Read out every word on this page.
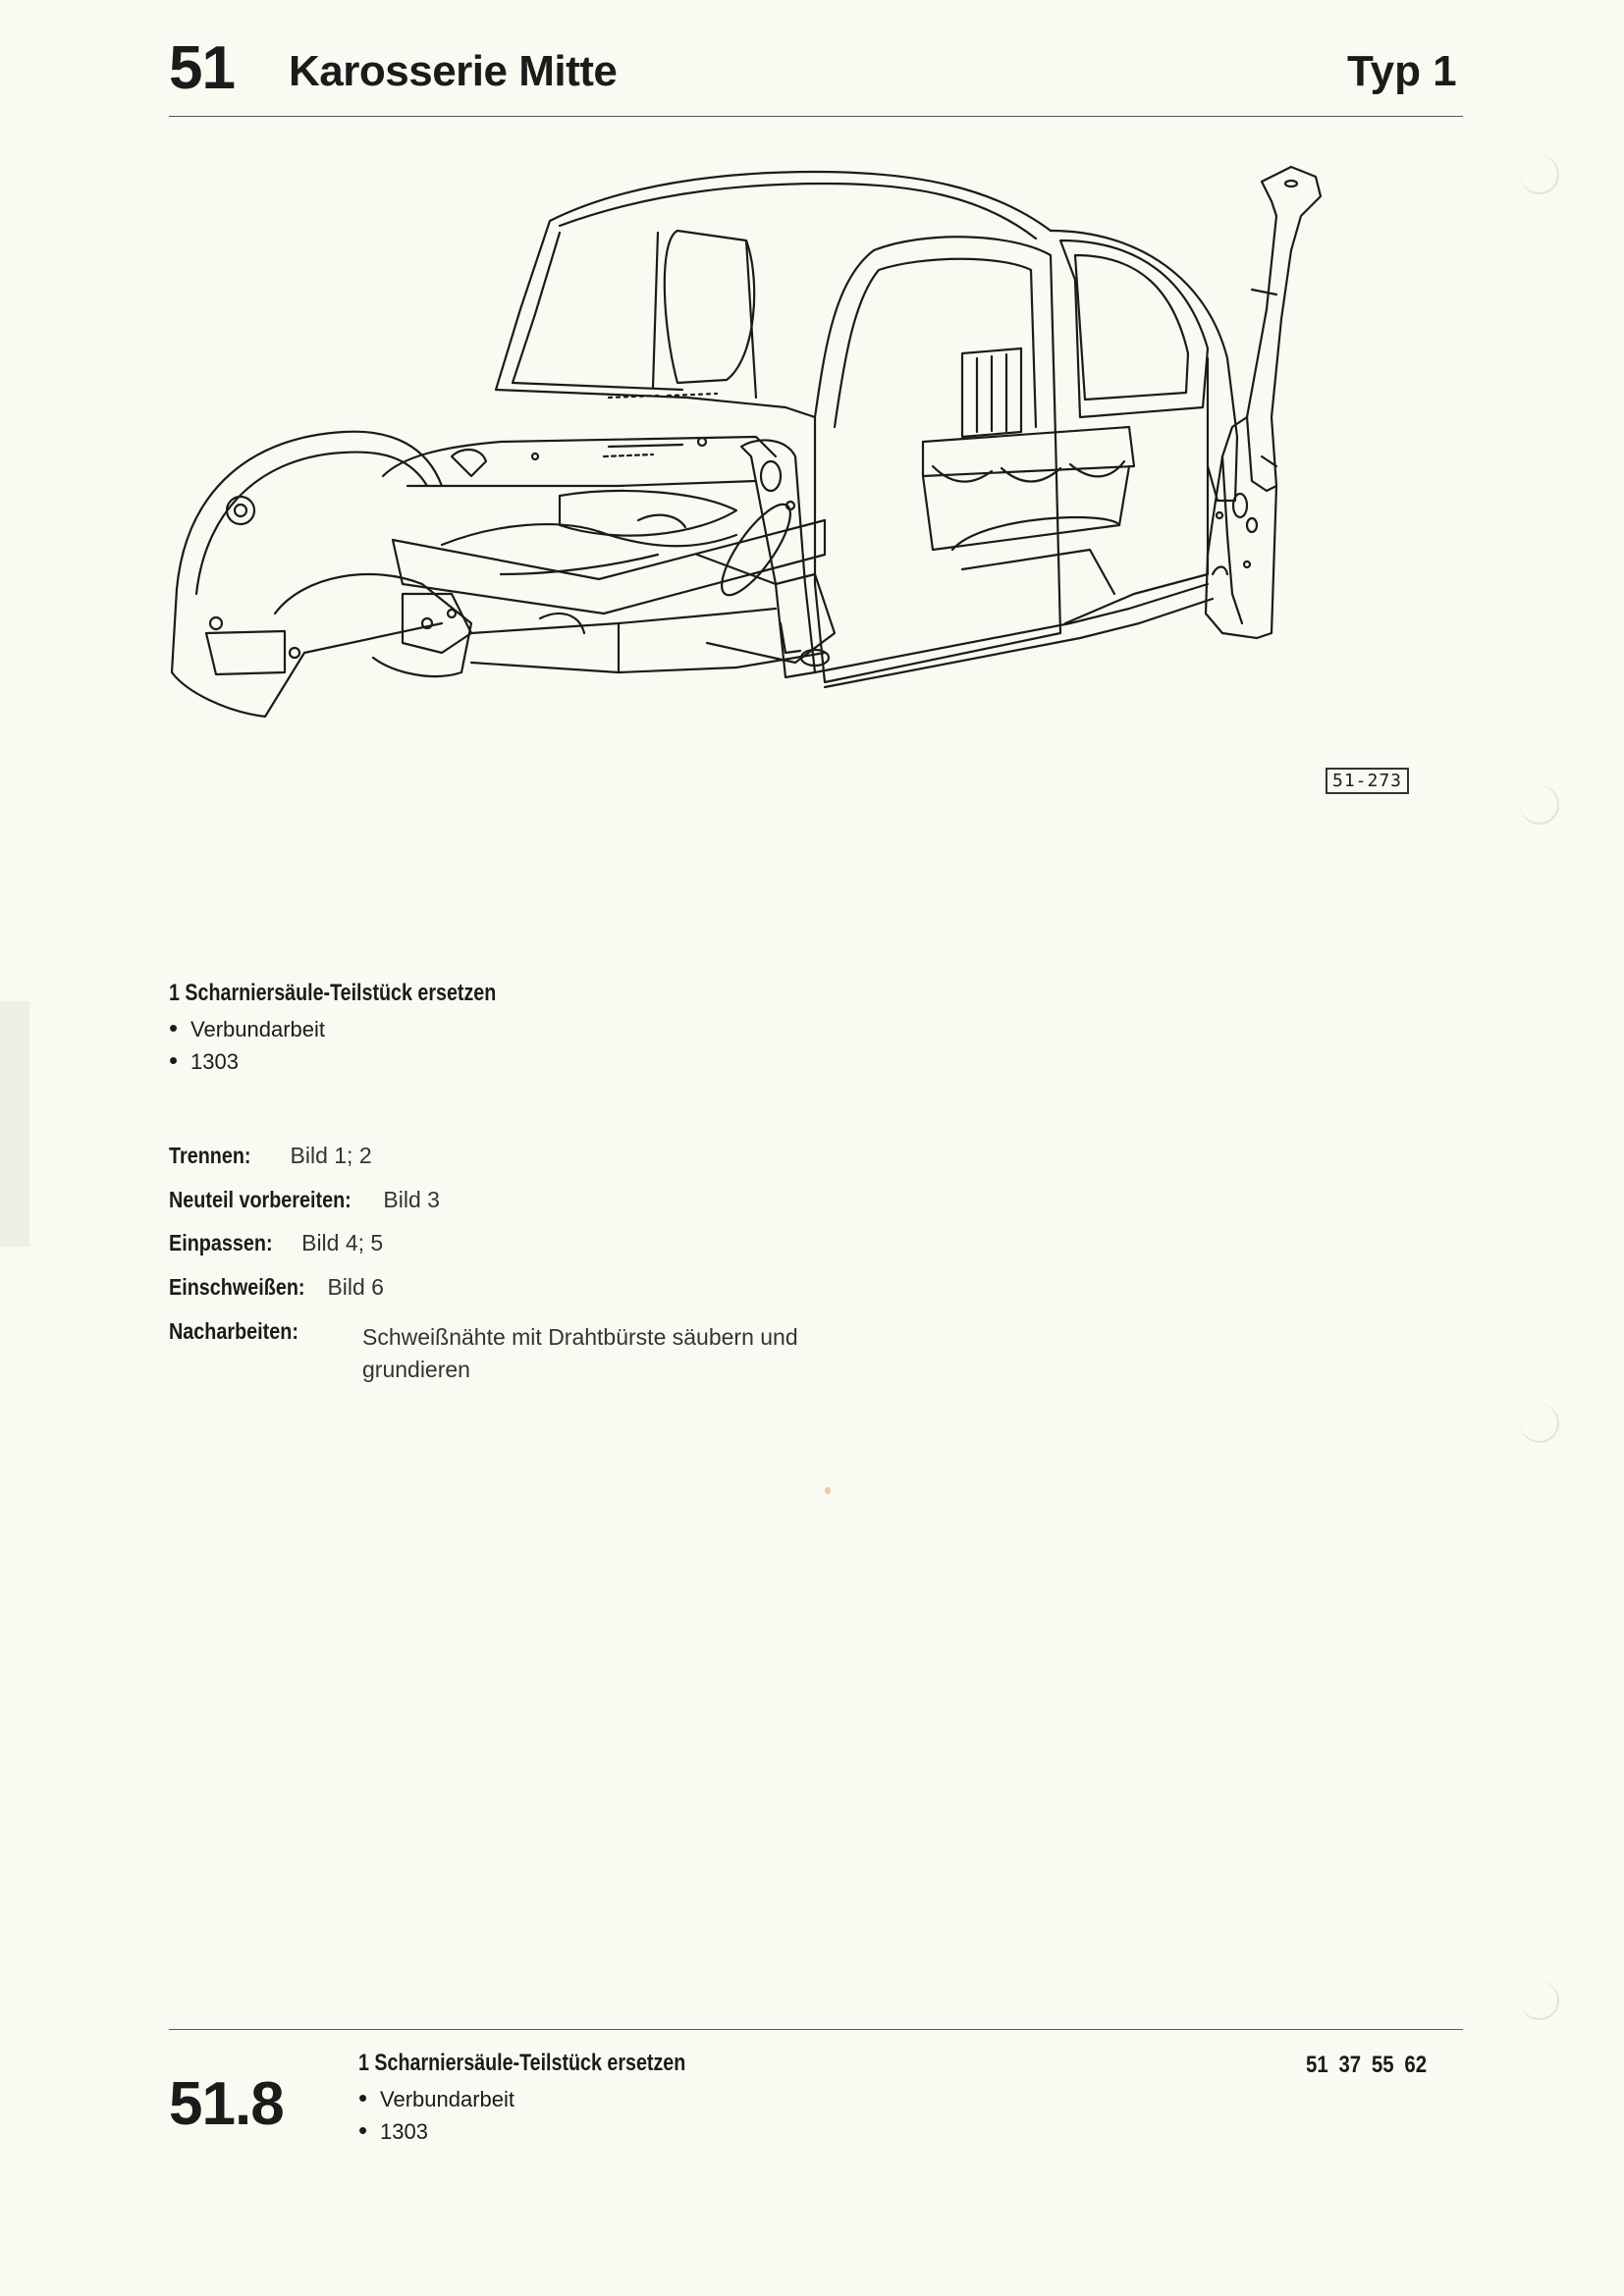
51 Karosserie Mitte	Typ 1
51-273
1 Scharniersäule-Teilstück ersetzen
• Verbundarbeit
• 1303
Trennen: Bild 1; 2
Neuteil vorbereiten: Bild 3
Einpassen: Bild 4; 5
Einschweißen: Bild 6
Nacharbeiten:	Schweißnähte mit Drahtbürste säubern und grundieren
51.8
1 Scharniersäule-Teilstück ersetzen
• Verbundarbeit
• 1303
51 37 55 62
